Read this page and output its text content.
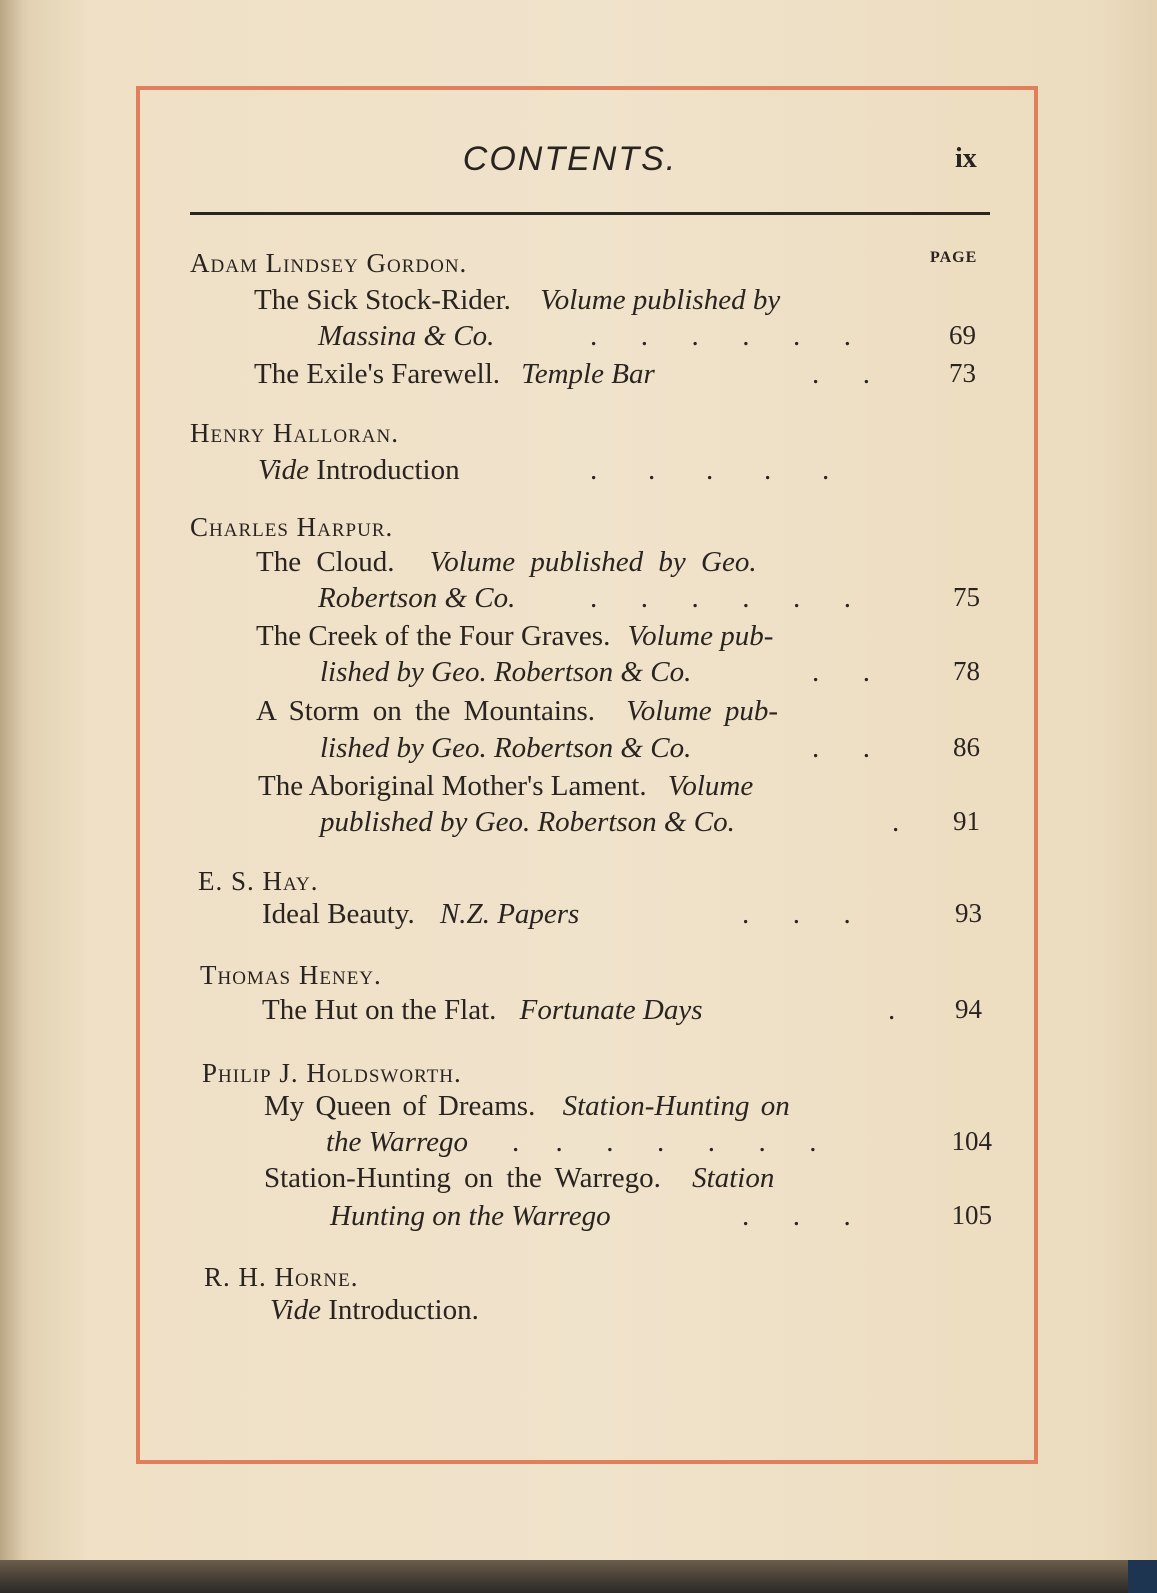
CONTENTS.	ix
PAGE
Adam Lindsey Gordon.
The Sick Stock-Rider. Volume published by
Massina & Co.	.      .      .      .      .      .	69
The Exile's Farewell. Temple Bar	.      .	73
Henry Halloran.
Vide Introduction	.       .       .       .       .
Charles Harpur.
The Cloud. Volume published by Geo.
Robertson & Co.	.      .      .      .      .      .	75
The Creek of the Four Graves. Volume pub-
lished by Geo. Robertson & Co.	.      .	78
A Storm on the Mountains. Volume pub-
lished by Geo. Robertson & Co.	.      .	86
The Aboriginal Mother's Lament. Volume
published by Geo. Robertson & Co.	.	91
E. S. Hay.
Ideal Beauty. N.Z. Papers	.      .      .	93
Thomas Heney.
The Hut on the Flat. Fortunate Days	.	94
Philip J. Holdsworth.
My Queen of Dreams. Station-Hunting on
the Warrego .     .      .      .      .      .      .	104
Station-Hunting on the Warrego. Station
Hunting on the Warrego	.      .      .	105
R. H. Horne.
Vide Introduction.
